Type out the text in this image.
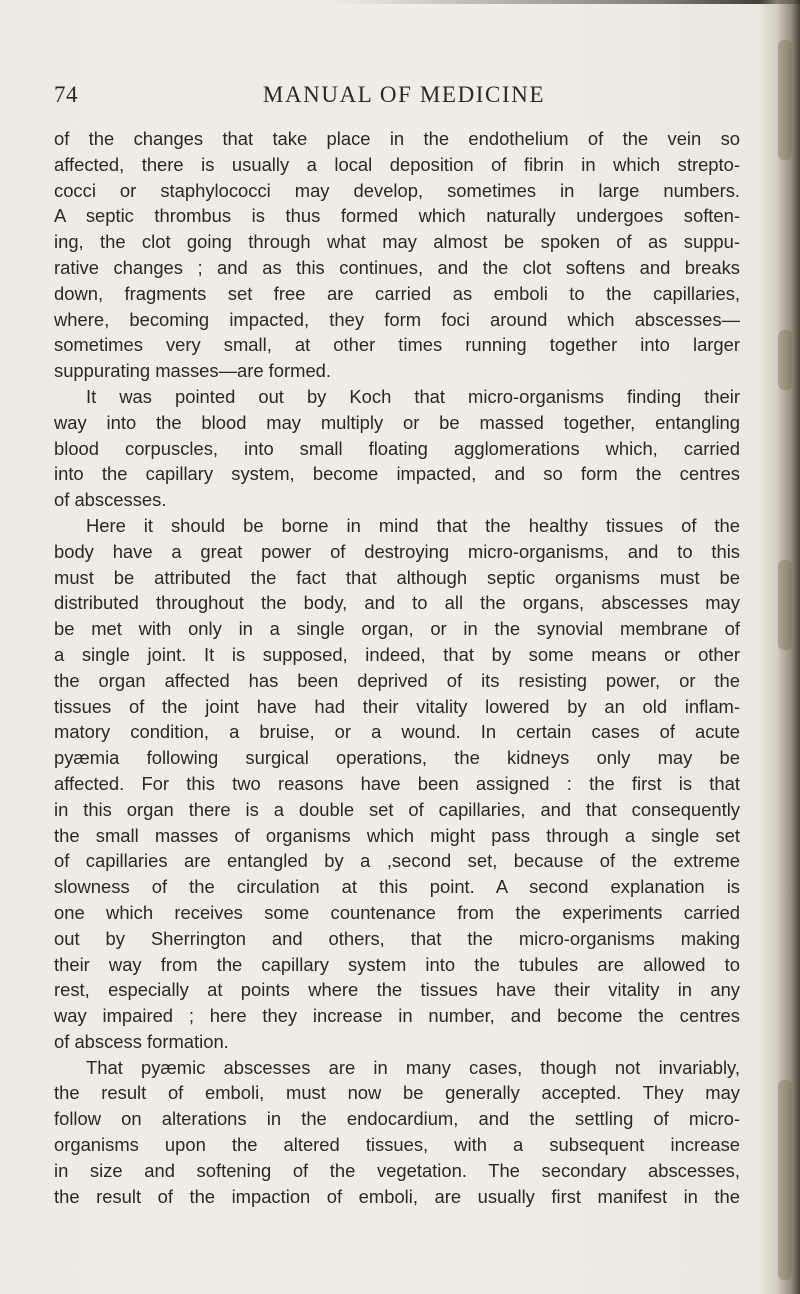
74	MANUAL OF MEDICINE
of the changes that take place in the endothelium of the vein so
affected, there is usually a local deposition of fibrin in which strepto-
cocci or staphylococci may develop, sometimes in large numbers.
A septic thrombus is thus formed which naturally undergoes soften-
ing, the clot going through what may almost be spoken of as suppu-
rative changes ; and as this continues, and the clot softens and breaks
down, fragments set free are carried as emboli to the capillaries,
where, becoming impacted, they form foci around which abscesses—
sometimes very small, at other times running together into larger
suppurating masses—are formed.
It was pointed out by Koch that micro-organisms finding their
way into the blood may multiply or be massed together, entangling
blood corpuscles, into small floating agglomerations which, carried
into the capillary system, become impacted, and so form the centres
of abscesses.
Here it should be borne in mind that the healthy tissues of the
body have a great power of destroying micro-organisms, and to this
must be attributed the fact that although septic organisms must be
distributed throughout the body, and to all the organs, abscesses may
be met with only in a single organ, or in the synovial membrane of
a single joint. It is supposed, indeed, that by some means or other
the organ affected has been deprived of its resisting power, or the
tissues of the joint have had their vitality lowered by an old inflam-
matory condition, a bruise, or a wound. In certain cases of acute
pyæmia following surgical operations, the kidneys only may be
affected. For this two reasons have been assigned : the first is that
in this organ there is a double set of capillaries, and that consequently
the small masses of organisms which might pass through a single set
of capillaries are entangled by a ,second set, because of the extreme
slowness of the circulation at this point. A second explanation is
one which receives some countenance from the experiments carried
out by Sherrington and others, that the micro-organisms making
their way from the capillary system into the tubules are allowed to
rest, especially at points where the tissues have their vitality in any
way impaired ; here they increase in number, and become the centres
of abscess formation.
That pyæmic abscesses are in many cases, though not invariably,
the result of emboli, must now be generally accepted. They may
follow on alterations in the endocardium, and the settling of micro-
organisms upon the altered tissues, with a subsequent increase
in size and softening of the vegetation. The secondary abscesses,
the result of the impaction of emboli, are usually first manifest in the
